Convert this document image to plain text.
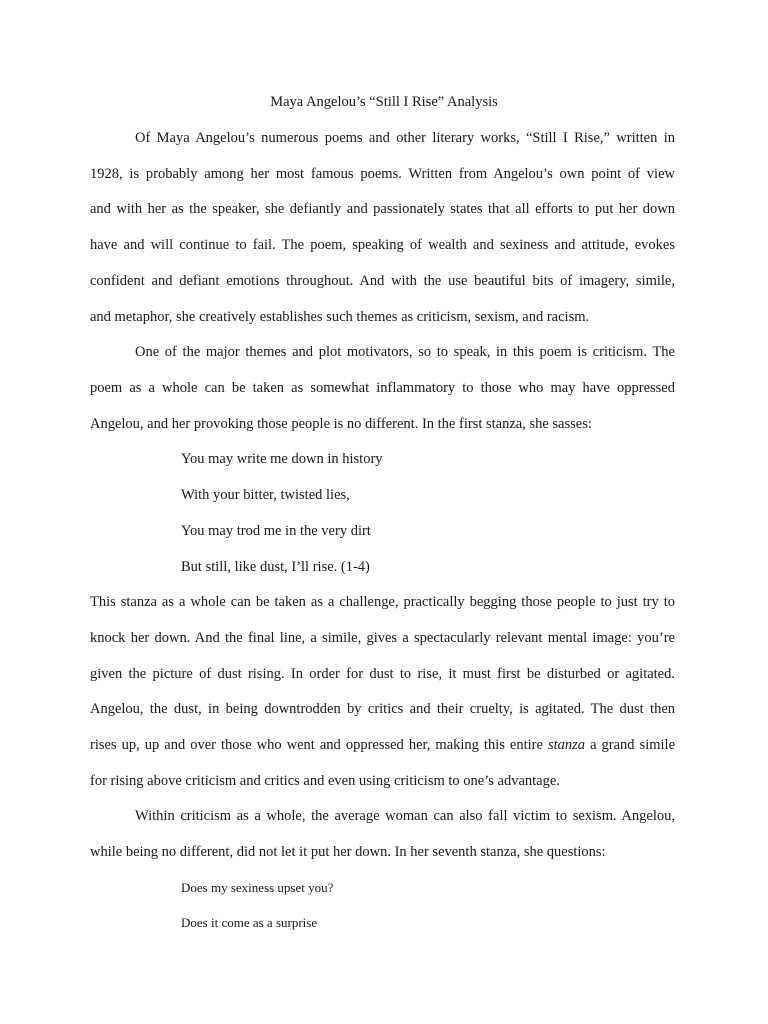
Maya Angelou’s “Still I Rise” Analysis
Of Maya Angelou’s numerous poems and other literary works, “Still I Rise,” written in
1928, is probably among her most famous poems. Written from Angelou’s own point of view
and with her as the speaker, she defiantly and passionately states that all efforts to put her down
have and will continue to fail. The poem, speaking of wealth and sexiness and attitude, evokes
confident and defiant emotions throughout. And with the use beautiful bits of imagery, simile,
and metaphor, she creatively establishes such themes as criticism, sexism, and racism.
One of the major themes and plot motivators, so to speak, in this poem is criticism. The
poem as a whole can be taken as somewhat inflammatory to those who may have oppressed
Angelou, and her provoking those people is no different. In the first stanza, she sasses:
You may write me down in history
With your bitter, twisted lies,
You may trod me in the very dirt
But still, like dust, I’ll rise. (1-4)
This stanza as a whole can be taken as a challenge, practically begging those people to just try to
knock her down. And the final line, a simile, gives a spectacularly relevant mental image: you’re
given the picture of dust rising. In order for dust to rise, it must first be disturbed or agitated.
Angelou, the dust, in being downtrodden by critics and their cruelty, is agitated. The dust then
rises up, up and over those who went and oppressed her, making this entire stanza a grand simile
for rising above criticism and critics and even using criticism to one’s advantage.
Within criticism as a whole, the average woman can also fall victim to sexism. Angelou,
while being no different, did not let it put her down. In her seventh stanza, she questions:
Does my sexiness upset you?
Does it come as a surprise
